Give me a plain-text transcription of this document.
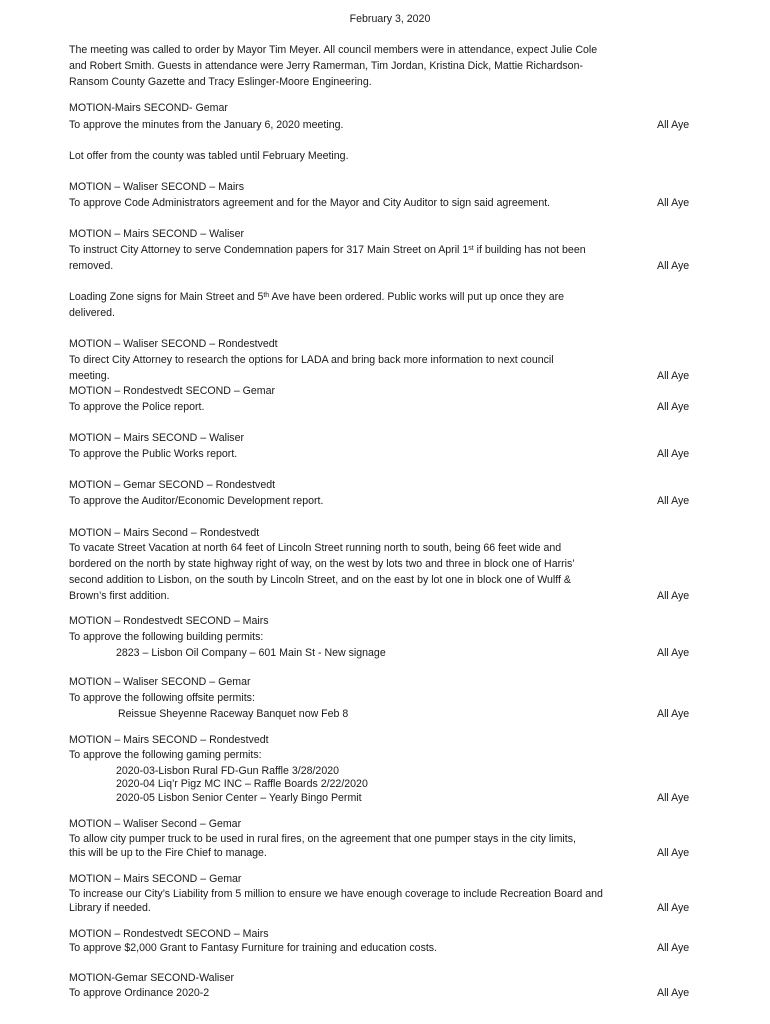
February 3, 2020
The meeting was called to order by Mayor Tim Meyer. All council members were in attendance, expect Julie Cole
and Robert Smith. Guests in attendance were Jerry Ramerman, Tim Jordan, Kristina Dick, Mattie Richardson-
Ransom County Gazette and Tracy Eslinger-Moore Engineering.
MOTION-Mairs SECOND- Gemar
To approve the minutes from the January 6, 2020 meeting.	All Aye
Lot offer from the county was tabled until February Meeting.
MOTION – Waliser SECOND – Mairs
To approve Code Administrators agreement and for the Mayor and City Auditor to sign said agreement.	All Aye
MOTION – Mairs SECOND – Waliser
To instruct City Attorney to serve Condemnation papers for 317 Main Street on April 1st if building has not been
removed.	All Aye
Loading Zone signs for Main Street and 5th Ave have been ordered. Public works will put up once they are
delivered.
MOTION – Waliser SECOND – Rondestvedt
To direct City Attorney to research the options for LADA and bring back more information to next council
meeting.	All Aye
MOTION – Rondestvedt SECOND – Gemar
To approve the Police report.	All Aye
MOTION – Mairs SECOND – Waliser
To approve the Public Works report.	All Aye
MOTION – Gemar SECOND – Rondestvedt
To approve the Auditor/Economic Development report.	All Aye
MOTION – Mairs Second – Rondestvedt
To vacate Street Vacation at north 64 feet of Lincoln Street running north to south, being 66 feet wide and
bordered on the north by state highway right of way, on the west by lots two and three in block one of Harris’
second addition to Lisbon, on the south by Lincoln Street, and on the east by lot one in block one of Wulff &
Brown’s first addition.	All Aye
MOTION – Rondestvedt SECOND – Mairs
To approve the following building permits:
2823 – Lisbon Oil Company – 601 Main St - New signage	All Aye
MOTION – Waliser SECOND – Gemar
To approve the following offsite permits:
Reissue Sheyenne Raceway Banquet now Feb 8	All Aye
MOTION – Mairs SECOND – Rondestvedt
To approve the following gaming permits:
2020-03-Lisbon Rural FD-Gun Raffle 3/28/2020
2020-04 Liq’r Pigz MC INC – Raffle Boards 2/22/2020
2020-05 Lisbon Senior Center – Yearly Bingo Permit	All Aye
MOTION – Waliser Second – Gemar
To allow city pumper truck to be used in rural fires, on the agreement that one pumper stays in the city limits,
this will be up to the Fire Chief to manage.	All Aye
MOTION – Mairs SECOND – Gemar
To increase our City’s Liability from 5 million to ensure we have enough coverage to include Recreation Board and
Library if needed.	All Aye
MOTION – Rondestvedt SECOND – Mairs
To approve $2,000 Grant to Fantasy Furniture for training and education costs.	All Aye
MOTION-Gemar SECOND-Waliser
To approve Ordinance 2020-2	All Aye
